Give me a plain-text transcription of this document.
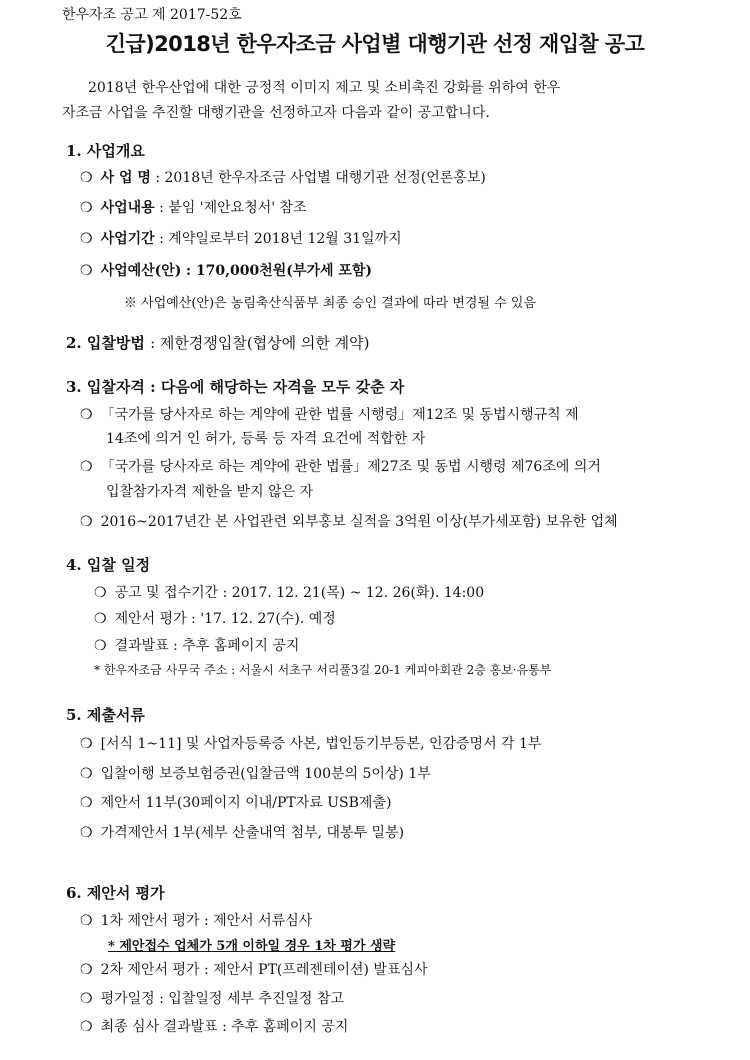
한우자조 공고 제 2017-52호
긴급)2018년 한우자조금 사업별 대행기관 선정 재입찰 공고
2018년 한우산업에 대한 긍정적 이미지 제고 및 소비촉진 강화를 위하여 한우
자조금 사업을 추진할 대행기관을 선정하고자 다음과 같이 공고합니다.
1. 사업개요
❍ 사 업 명 : 2018년 한우자조금 사업별 대행기관 선정(언론홍보)
❍ 사업내용 : 붙임 '제안요청서' 참조
❍ 사업기간 : 계약일로부터 2018년 12월 31일까지
❍ 사업예산(안) : 170,000천원(부가세 포함)
※ 사업예산(안)은 농림축산식품부 최종 승인 결과에 따라 변경될 수 있음
2. 입찰방법 : 제한경쟁입찰(협상에 의한 계약)
3. 입찰자격 : 다음에 해당하는 자격을 모두 갖춘 자
❍ 「국가를 당사자로 하는 계약에 관한 법률 시행령」제12조 및 동법시행규칙 제
14조에 의거 인 허가, 등록 등 자격 요건에 적합한 자
❍ 「국가를 당사자로 하는 계약에 관한 법률」제27조 및 동법 시행령 제76조에 의거
입찰참가자격 제한을 받지 않은 자
❍ 2016~2017년간 본 사업관련 외부홍보 실적을 3억원 이상(부가세포함) 보유한 업체
4. 입찰 일정
❍ 공고 및 접수기간 : 2017. 12. 21(목) ~ 12. 26(화). 14:00
❍ 제안서 평가 : '17. 12. 27(수). 예정
❍ 결과발표 : 추후 홈페이지 공지
* 한우자조금 사무국 주소 : 서울시 서초구 서리풀3길 20-1 케피아회관 2층 홍보·유통부
5. 제출서류
❍ [서식 1~11] 및 사업자등록증 사본, 법인등기부등본, 인감증명서 각 1부
❍ 입찰이행 보증보험증권(입찰금액 100분의 5이상) 1부
❍ 제안서 11부(30페이지 이내/PT자료 USB제출)
❍ 가격제안서 1부(세부 산출내역 첨부, 대봉투 밀봉)
6. 제안서 평가
❍ 1차 제안서 평가 : 제안서 서류심사
* 제안접수 업체가 5개 이하일 경우 1차 평가 생략
❍ 2차 제안서 평가 : 제안서 PT(프레젠테이션) 발표심사
❍ 평가일정 : 입찰일정 세부 추진일정 참고
❍ 최종 심사 결과발표 : 추후 홈페이지 공지
